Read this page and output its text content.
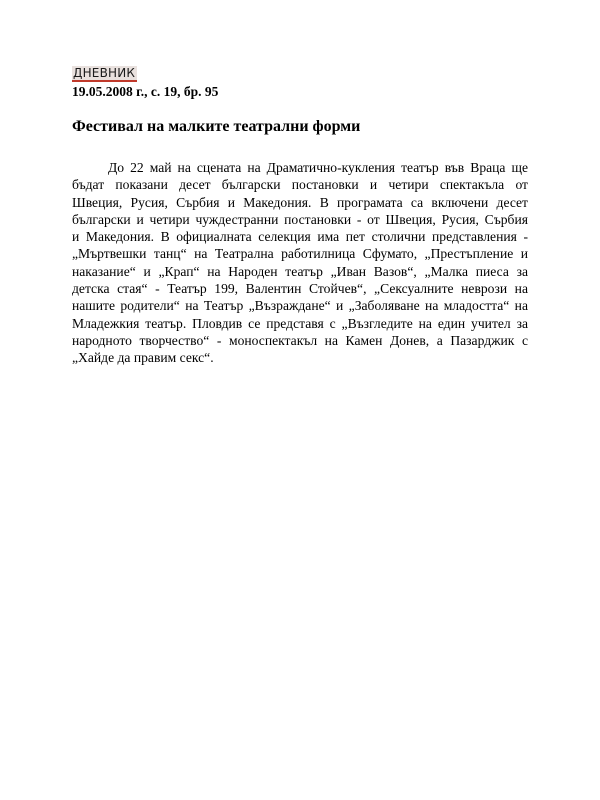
ДНЕВНИК
19.05.2008 г., с. 19, бр. 95
Фестивал на малките театрални форми
До 22 май на сцената на Драматично-кукления театър във Враца ще
бъдат показани десет български постановки и четири спектакъла от
Швеция, Русия, Сърбия и Македония. В програмата са включени десет
български и четири чуждестранни постановки - от Швеция, Русия, Сърбия
и Македония. В официалната селекция има пет столични представления -
„Мъртвешки танц“ на Театрална работилница Сфумато, „Престъпление и
наказание“ и „Крап“ на Народен театър „Иван Вазов“, „Малка пиеса за
детска стая“ - Театър 199, Валентин Стойчев“, „Сексуалните неврози на
нашите родители“ на Театър „Възраждане“ и „Заболяване на младостта“ на
Младежкия театър. Пловдив се представя с „Възгледите на един учител за
народното творчество“ - моноспектакъл на Камен Донев, а Пазарджик с
„Хайде да правим секс“.
